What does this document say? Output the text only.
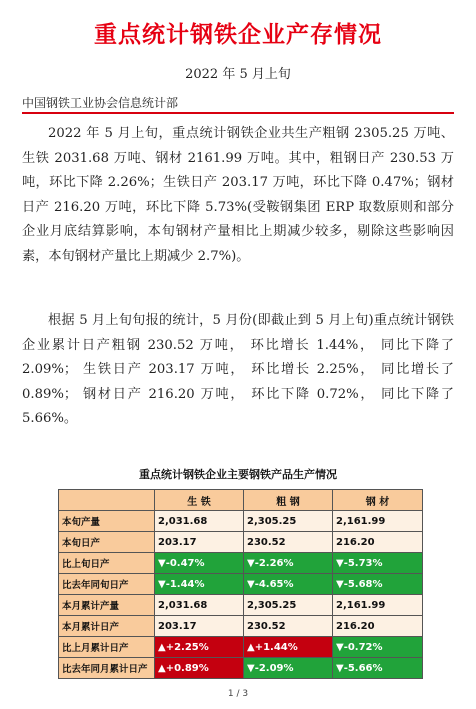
重点统计钢铁企业产存情况
2022 年 5 月上旬
中国钢铁工业协会信息统计部

2022 年 5 月上旬，重点统计钢铁企业共生产粗钢 2305.25 万吨、生铁 2031.68 万吨、钢材 2161.99 万吨。其中，粗钢日产 230.53 万吨，环比下降 2.26%；生铁日产 203.17 万吨，环比下降 0.47%；钢材日产 216.20 万吨，环比下降 5.73%(受鞍钢集团 ERP 取数原则和部分企业月底结算影响，本旬钢材产量相比上期减少较多，剔除这些影响因素，本旬钢材产量比上期减少 2.7%)。

根据 5 月上旬旬报的统计，5 月份(即截止到 5 月上旬)重点统计钢铁企业累计日产粗钢 230.52 万吨， 环比增长 1.44%， 同比下降了 2.09%； 生铁日产 203.17 万吨， 环比增长 2.25%， 同比增长了 0.89%； 钢材日产 216.20 万吨， 环比下降 0.72%， 同比下降了 5.66%。

重点统计钢铁企业主要钢铁产品生产情况
	生 铁	粗 钢	钢 材
本旬产量	2,031.68	2,305.25	2,161.99
本旬日产	203.17	230.52	216.20
比上旬日产	▼-0.47%	▼-2.26%	▼-5.73%
比去年同旬日产	▼-1.44%	▼-4.65%	▼-5.68%
本月累计产量	2,031.68	2,305.25	2,161.99
本月累计日产	203.17	230.52	216.20
比上月累计日产	▲+2.25%	▲+1.44%	▼-0.72%
比去年同月累计日产	▲+0.89%	▼-2.09%	▼-5.66%
1 / 3
